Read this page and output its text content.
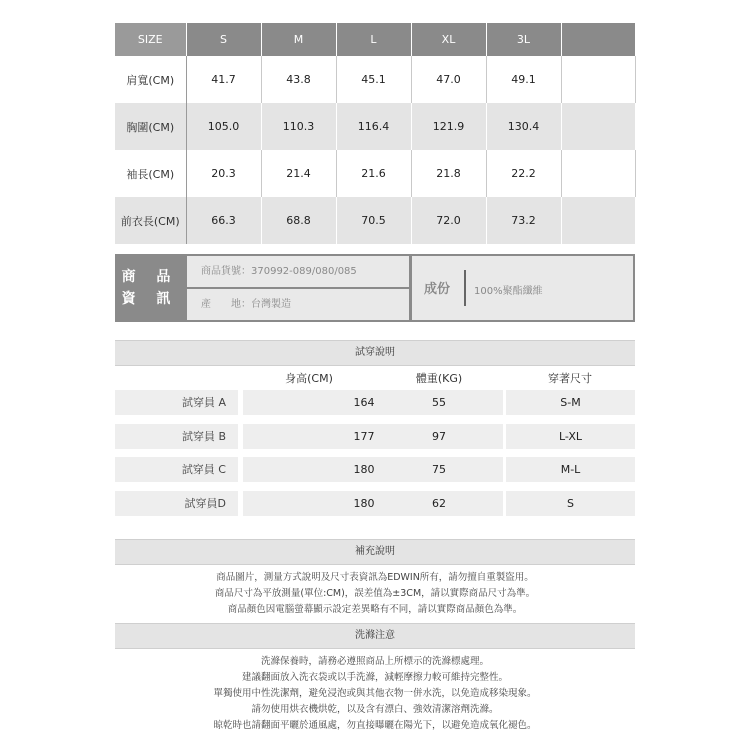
SIZE	S	M	L	XL	3L	
肩寬(CM)	41.7	43.8	45.1	47.0	49.1	
胸圍(CM)	105.0	110.3	116.4	121.9	130.4	
袖長(CM)	20.3	21.4	21.6	21.8	22.2	
前衣長(CM)	66.3	68.8	70.5	72.0	73.2	
商 品
資 訊
商品貨號：370992-089/080/085
產　　地：台灣製造
成份 100%聚酯纖維
試穿說明
身高(CM)	體重(KG)	穿著尺寸
試穿員 A	164	55	S-M
試穿員 B	177	97	L-XL
試穿員 C	180	75	M-L
試穿員D	180	62	S
補充說明
商品圖片，測量方式說明及尺寸表資訊為EDWIN所有，請勿擅自重製盜用。
商品尺寸為平放測量(單位:CM)，誤差值為±3CM，請以實際商品尺寸為準。
商品顏色因電腦螢幕顯示設定差異略有不同，請以實際商品顏色為準。
洗滌注意
洗滌保養時，請務必遵照商品上所標示的洗滌標處理。
建議翻面放入洗衣袋或以手洗滌，減輕摩擦力較可維持完整性。
單獨使用中性洗潔劑，避免浸泡或與其他衣物一併水洗，以免造成移染現象。
請勿使用烘衣機烘乾，以及含有漂白、強效清潔溶劑洗滌。
晾乾時也請翻面平曬於通風處，勿直接曝曬在陽光下，以避免造成氧化褪色。
